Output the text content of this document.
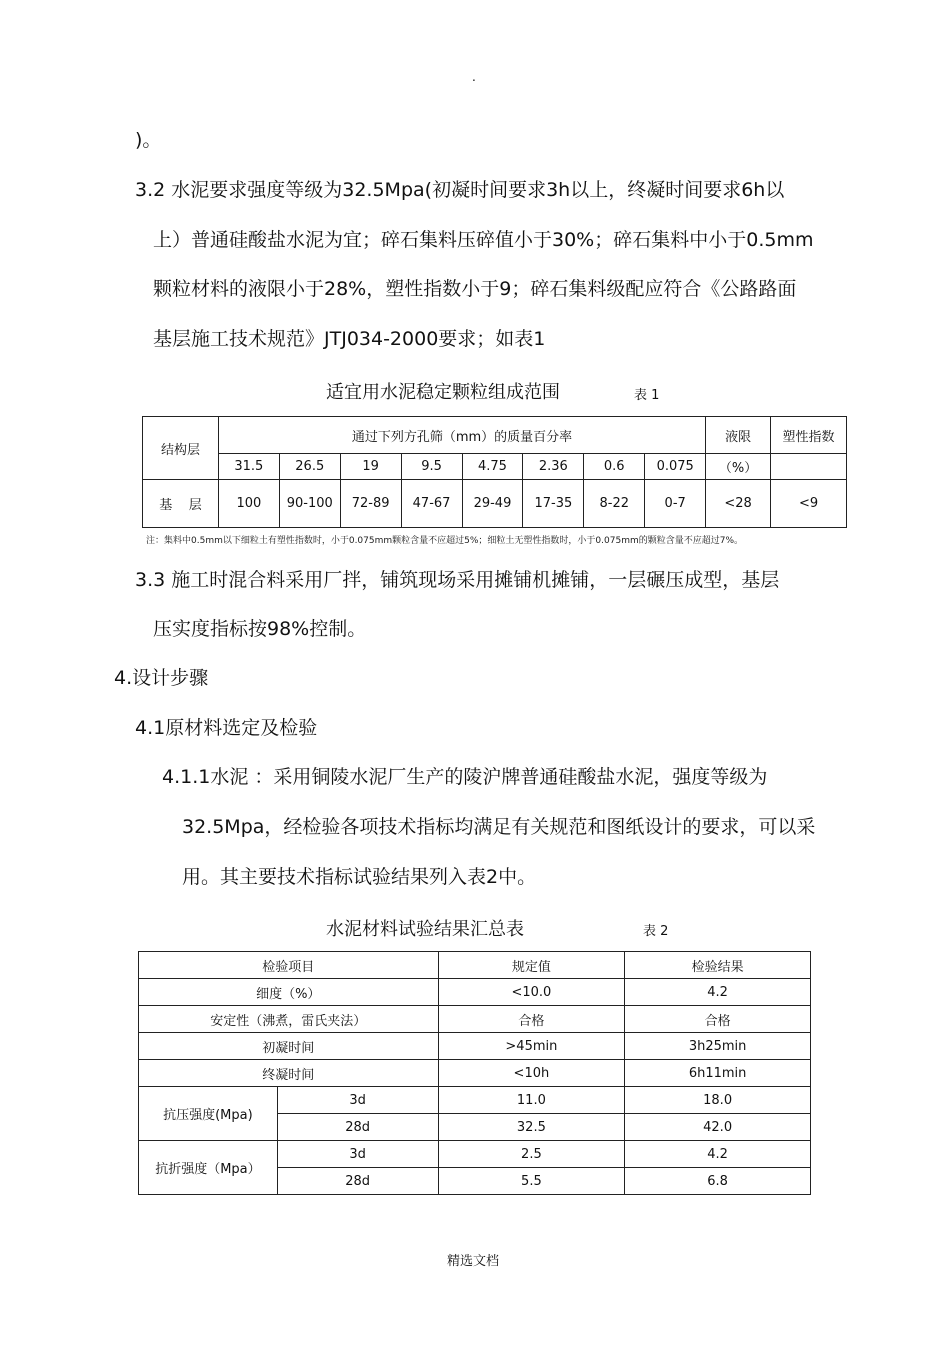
.
)。
3.2 水泥要求强度等级为32.5Mpa(初凝时间要求3h以上，终凝时间要求6h以
上）普通硅酸盐水泥为宜；碎石集料压碎值小于30%；碎石集料中小于0.5mm
颗粒材料的液限小于28%，塑性指数小于9；碎石集料级配应符合《公路路面
基层施工技术规范》JTJ034-2000要求；如表1
适宜用水泥稳定颗粒组成范围	表 1
结构层	通过下列方孔筛（mm）的质量百分率								液限	塑性指数
	31.5	26.5	19	9.5	4.75	2.36	0.6	0.075	（%）	
基    层	100	90-100	72-89	47-67	29-49	17-35	8-22	0-7	<28	<9
注：集料中0.5mm以下细粒土有塑性指数时，小于0.075mm颗粒含量不应超过5%；细粒土无塑性指数时，小于0.075mm的颗粒含量不应超过7%。
3.3 施工时混合料采用厂拌，铺筑现场采用摊铺机摊铺，一层碾压成型，基层
压实度指标按98%控制。
4.设计步骤
4.1原材料选定及检验
4.1.1水泥 ：采用铜陵水泥厂生产的陵沪牌普通硅酸盐水泥，强度等级为
32.5Mpa，经检验各项技术指标均满足有关规范和图纸设计的要求，可以采
用。其主要技术指标试验结果列入表2中。
水泥材料试验结果汇总表	表 2
检验项目		规定值	检验结果
细度（%）		<10.0	4.2
安定性（沸煮，雷氏夹法）		合格	合格
初凝时间		>45min	3h25min
终凝时间		<10h	6h11min
抗压强度(Mpa)	3d	11.0	18.0
	28d	32.5	42.0
抗折强度（Mpa）	3d	2.5	4.2
	28d	5.5	6.8
精选文档
